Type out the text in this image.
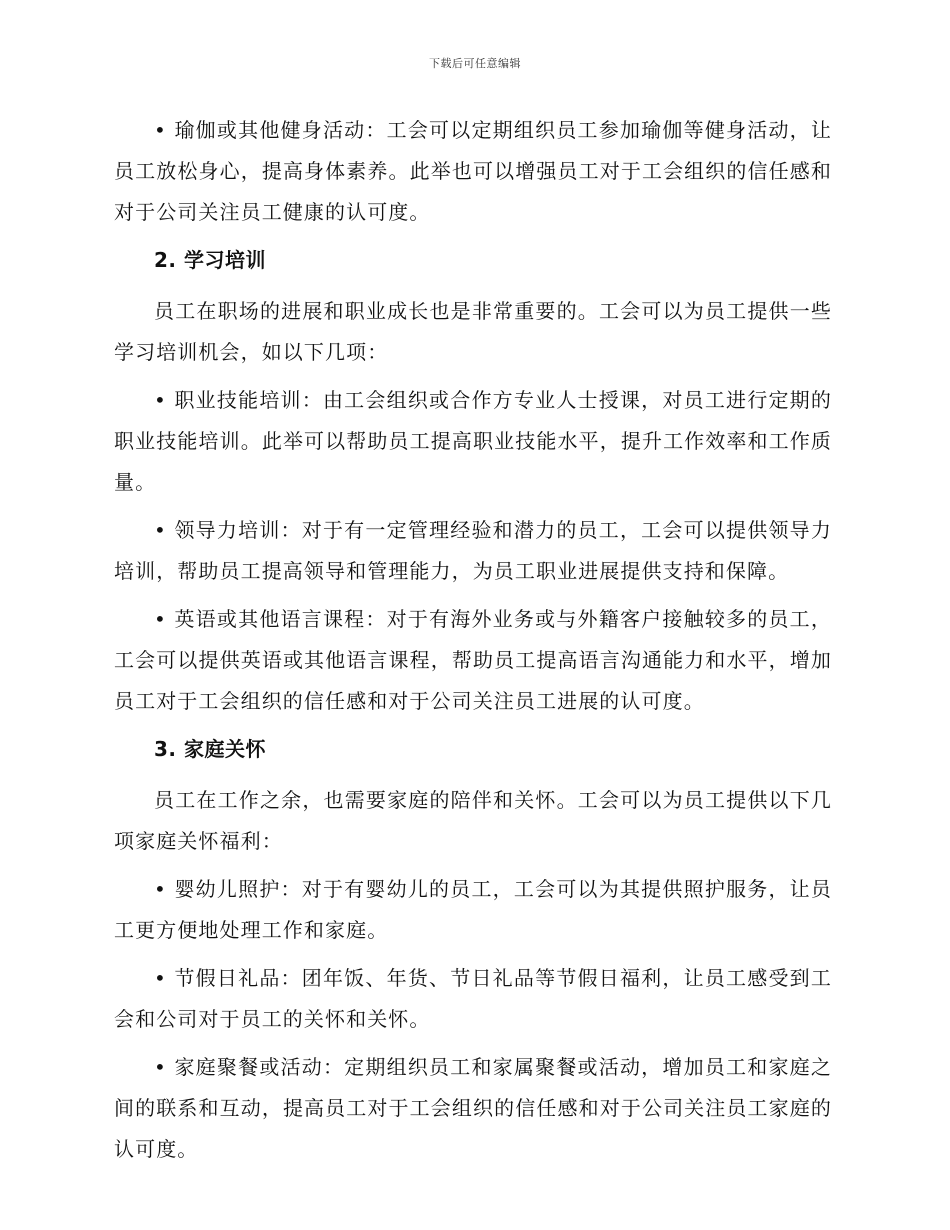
下载后可任意编辑

• 瑜伽或其他健身活动：工会可以定期组织员工参加瑜伽等健身活动，让员工放松身心，提高身体素养。此举也可以增强员工对于工会组织的信任感和对于公司关注员工健康的认可度。

2. 学习培训

员工在职场的进展和职业成长也是非常重要的。工会可以为员工提供一些学习培训机会，如以下几项：

• 职业技能培训：由工会组织或合作方专业人士授课，对员工进行定期的职业技能培训。此举可以帮助员工提高职业技能水平，提升工作效率和工作质量。

• 领导力培训：对于有一定管理经验和潜力的员工，工会可以提供领导力培训，帮助员工提高领导和管理能力，为员工职业进展提供支持和保障。

• 英语或其他语言课程：对于有海外业务或与外籍客户接触较多的员工，工会可以提供英语或其他语言课程，帮助员工提高语言沟通能力和水平，增加员工对于工会组织的信任感和对于公司关注员工进展的认可度。

3. 家庭关怀

员工在工作之余，也需要家庭的陪伴和关怀。工会可以为员工提供以下几项家庭关怀福利：

• 婴幼儿照护：对于有婴幼儿的员工，工会可以为其提供照护服务，让员工更方便地处理工作和家庭。

• 节假日礼品：团年饭、年货、节日礼品等节假日福利，让员工感受到工会和公司对于员工的关怀和关怀。

• 家庭聚餐或活动：定期组织员工和家属聚餐或活动，增加员工和家庭之间的联系和互动，提高员工对于工会组织的信任感和对于公司关注员工家庭的认可度。
